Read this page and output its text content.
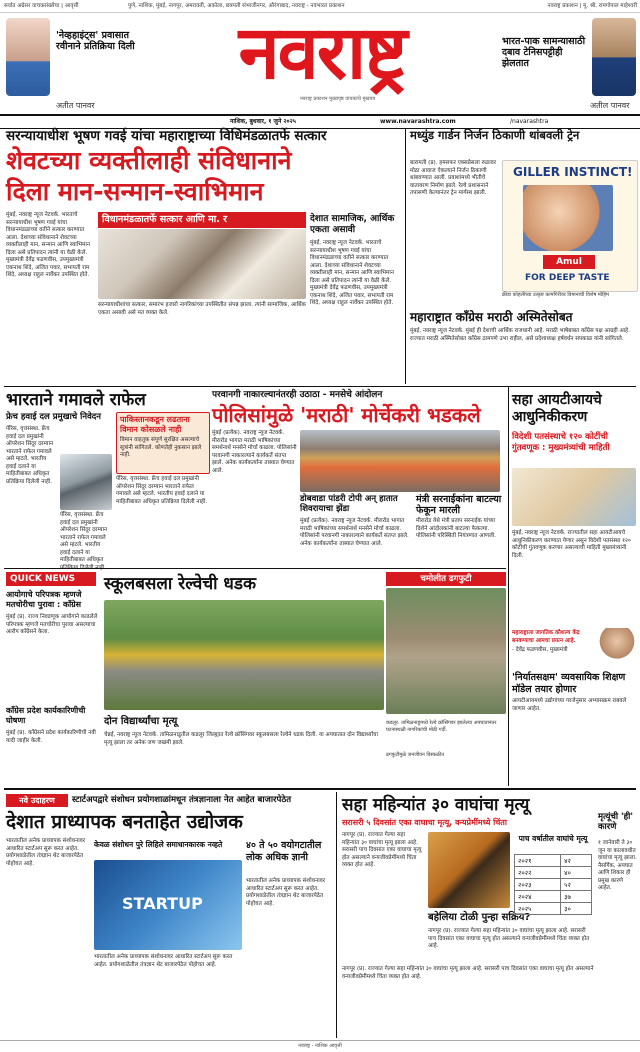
सर्वात अग्रेसर वाचकसंख्येचा | आवृत्ती	पुणे, नाशिक, मुंबई, नागपूर, अमरावती, अकोला, छत्रपती संभाजीनगर, औरंगाबाद, नवराष्ट्र - नवभारत प्रकाशन	नवराष्ट्र प्रकाशन | मु. श्री. रामगोपाल माहेश्वरी
'नेव्हहाइंट्स' प्रवासात रवीनाने प्रतिक्रिया दिली
अतीत पानवर
नवराष्ट्र
नवराष्ट्र प्रकाशन मुख्यपृष्ठ वाचकांचे मुखपत्र
भारत-पाक सामन्यासाठी दबाव टेनिसपट्टीही झेलतात
अतील पानवर
नाशिक, बुधवार, १ जुने २०२५	www.navarashtra.com	/navarashtra
सरन्यायाधीश भूषण गवई यांचा महाराष्ट्राच्या विधिमंडळातर्फे सत्कार
शेवटच्या व्यक्तीलाही संविधानाने
दिला मान-सन्मान-स्वाभिमान

मुंबई, नवराष्ट्र न्यूज नेटवर्क. भारताचे सरन्यायाधीश भूषण गवई यांचा विधानमंडळाच्या वतीने सत्कार करण्यात आला. देशाच्या संविधानाने शेवटच्या व्यक्तीलाही मान, सन्मान आणि स्वाभिमान दिला असे प्रतिपादन त्यांनी या वेळी केले. मुख्यमंत्री देवेंद्र फडणवीस, उपमुख्यमंत्री एकनाथ शिंदे, अजित पवार, सभापती राम शिंदे, अध्यक्ष राहुल नार्वेकर उपस्थित होते.

विधानमंडळातर्फे सत्कार आणि मा. र

सरन्यायाधीशांचा सत्कार, समारंभ हजारो नागरिकांच्या उपस्थितीत संपन्न झाला. त्यांनी सामाजिक, आर्थिक एकता असावी असे मत व्यक्त केले.

देशात सामाजिक, आर्थिक एकता असावी

मुंबई, नवराष्ट्र न्यूज नेटवर्क. भारताचे सरन्यायाधीश भूषण गवई यांचा विधानमंडळाच्या वतीने सत्कार करण्यात आला. देशाच्या संविधानाने शेवटच्या व्यक्तीलाही मान, सन्मान आणि स्वाभिमान दिला असे प्रतिपादन त्यांनी या वेळी केले. मुख्यमंत्री देवेंद्र फडणवीस, उपमुख्यमंत्री एकनाथ शिंदे, अजित पवार, सभापती राम शिंदे, अध्यक्ष राहुल नार्वेकर उपस्थित होते.

मध्युंड गार्डन निर्जन ठिकाणी थांबवली ट्रेन

बारामती (प्र). हमसफर एक्सप्रेसला रुळावर मोठा आवाज ऐकल्याने निर्जन ठिकाणी थांबवण्यात आली. प्रवाशांमध्ये भीतीचे वातावरण निर्माण झाले. रेल्वे प्रशासनाने तपासणी केल्यानंतर ट्रेन मार्गस्थ झाली.

GILLER INSTINCT!
Amul
FOR DEEP TASTE
क्रीडा कोहलीच्या उत्कृष्ट कामगिरीवर विमानाची विशेष मोहिम
महाराष्ट्रात काँग्रेस मराठी अस्मितेसोबत

मुंबई, नवराष्ट्र न्यूज नेटवर्क. मुंबई ही देशाची आर्थिक राजधानी आहे. मराठी भाषेबाबत काँग्रेस पक्ष आग्रही आहे. राज्यात मराठी अस्मितेसोबत काँग्रेस ठामपणे उभा राहील, असे प्रदेशाध्यक्ष हर्षवर्धन सपकाळ यांनी सांगितले.

भारताने गमावले राफेल
फ्रेच हवाई दल प्रमुखाचे निवेदन

पॅरिस, वृत्तसंस्था. फ्रेंच हवाई दल प्रमुखांनी ऑपरेशन सिंदूर दरम्यान भारताने राफेल गमावले असे म्हटले. भारतीय हवाई दलाने या माहितीबाबत अधिकृत प्रतिक्रिया दिलेली नाही.

पॅरिस, वृत्तसंस्था. फ्रेंच हवाई दल प्रमुखांनी ऑपरेशन सिंदूर दरम्यान भारताने राफेल गमावले असे म्हटले. भारतीय हवाई दलाने या माहितीबाबत अधिकृत

पाकिस्तानकडून लढताना विमान कोसळले नाही

विमान वाहतूक संपूर्ण सुरक्षित असल्याचे सूत्रांनी सांगितले. कोणतेही नुकसान झाले नाही.

पॅरिस, वृत्तसंस्था. फ्रेंच हवाई दल प्रमुखांनी ऑपरेशन सिंदूर दरम्यान भारताने राफेल गमावले असे म्हटले. भारतीय हवाई दलाने या माहितीबाबत अधिकृत प्रतिक्रिया दिलेली नाही.

परवानगी नाकारल्यानंतरही उठाठा - मनसेचे आंदोलन
पोलिसांमुळे 'मराठी' मोर्चेकरी भडकले

मुंबई (प्रत्येक). नवराष्ट्र न्यूज नेटवर्क. मीरारोड भागात मराठी भाषिकांच्या समर्थनार्थ मनसेने मोर्चा काढला. पोलिसांनी परवानगी नाकारल्याने कार्यकर्ते संतप्त झाले. अनेक कार्यकर्त्यांना ताब्यात घेण्यात आले.

डोबवाडा पांडरी टोपी अन् हातात शिवरायाचा झेंडा

मुंबई (प्रत्येक). नवराष्ट्र न्यूज नेटवर्क. मीरारोड भागात मराठी भाषिकांच्या समर्थनार्थ मनसेने मोर्चा काढला. पोलिसांनी परवानगी नाकारल्याने कार्यकर्ते संतप्त झाले. अनेक कार्यकर्त्यांना ताब्यात घेण्यात आले.

मंत्री सरनाईकांना बाटल्या फेकून मारली

मीरारोड येथे मंत्री प्रताप सरनाईक यांच्या दिशेने आंदोलकांनी बाटल्या फेकल्या. पोलिसांनी परिस्थिती नियंत्रणात आणली.

QUICK NEWS
आयोगाचे परिपत्रक म्हणजे मतचोरीचा पुरावा : काँग्रेस

मुंबई (प्र). राज्य निवडणूक आयोगाने काढलेले परिपत्रक म्हणजे मतचोरीचा पुरावा असल्याचा आरोप काँग्रेसने केला.

काँग्रेस प्रदेश कार्यकारिणीची घोषणा

मुंबई (प्र). काँग्रेसने प्रदेश कार्यकारिणीची नवी यादी जाहीर केली.

स्कूलबसला रेल्वेची धडक
कडलूर. तामिळनाडूमध्ये रेल्वे क्रॉसिंगवर झालेल्या अपघातानंतर घटनास्थळी नागरिकांची मोठी गर्दी.
दोन विद्यार्थ्यांचा मृत्यू

चेन्नई, नवराष्ट्र न्यूज नेटवर्क. तामिळनाडूतील कडलूर जिल्ह्यात रेल्वे क्रॉसिंगवर स्कूलबसला रेल्वेने धडक दिली. या अपघातात दोन विद्यार्थ्यांचा मृत्यू झाला तर अनेक जण जखमी झाले.

चमोलीत ढगफुटी
ढगफुटीमुळे जनजीवन विस्कळीत
सहा आयटीआयचे आधुनिकीकरण
विदेशी पतसंस्थाचे १२० कोटींची गुंतवणूक : मुख्यमंत्र्यांची माहिती

मुंबई, नवराष्ट्र न्यूज नेटवर्क. राज्यातील सहा आयटीआयचे आधुनिकीकरण करण्यात येणार असून विदेशी पतसंस्था १२० कोटींची गुंतवणूक करणार असल्याची माहिती मुख्यमंत्र्यांनी दिली.

महाराष्ट्राला जागतिक कौशल्य केंद्र बनवण्याचा आमचा प्रयत्न आहे.

- देवेंद्र फडणवीस, मुख्यमंत्री

'निर्यातसक्षम' व्यवसायिक शिक्षण मॉडेल तयार होणार

आयटीआयमध्ये उद्योगांच्या गरजेनुसार अभ्यासक्रम राबवले जाणार आहेत.

नवे उदाहरण	स्टार्टअपद्वारे संशोधन प्रयोगशाळांमधून तंत्रज्ञानाला नेत आहेत बाजारपेठेत
देशात प्राध्यापक बनताहेत उद्योजक

भारतातील अनेक प्राध्यापक संशोधनावर आधारित स्टार्टअप सुरू करत आहेत. प्रयोगशाळेतील तंत्रज्ञान थेट बाजारपेठेत पोहोचत आहे.

केवळ संशोधन पुरे लिहिले समाधानकारक नव्हते
STARTUP

भारतातील अनेक प्राध्यापक संशोधनावर आधारित स्टार्टअप सुरू करत आहेत. प्रयोगशाळेतील तंत्रज्ञान थेट बाजारपेठेत पोहोचत आहे.

४० ते ५० वयोगटातील लोक अधिक ज्ञानी

भारतातील अनेक प्राध्यापक संशोधनावर आधारित स्टार्टअप सुरू करत आहेत. प्रयोगशाळेतील तंत्रज्ञान थेट बाजारपेठेत पोहोचत आहे.

सहा महिन्यांत ३० वाघांचा मृत्यू
सरासरी ५ दिवसांत एका वाघाचा मृत्यू, वन्यप्रेमींमध्ये चिंता

नागपूर (प्र). राज्यात गेल्या सहा महिन्यांत ३० वाघांचा मृत्यू झाला आहे. सरासरी पाच दिवसांत एका वाघाचा मृत्यू होत असल्याने वन्यजीवप्रेमींमध्ये चिंता व्यक्त होत आहे.

बहेलिया टोळी पुन्हा सक्रिय?

नागपूर (प्र). राज्यात गेल्या सहा महिन्यांत ३० वाघांचा मृत्यू झाला आहे. सरासरी पाच दिवसांत एका वाघाचा मृत्यू होत असल्याने वन्यजीवप्रेमींमध्ये चिंता व्यक्त होत आहे.

नागपूर (प्र). राज्यात गेल्या सहा महिन्यांत ३० वाघांचा मृत्यू झाला आहे. सरासरी पाच दिवसांत एका वाघाचा मृत्यू होत असल्याने वन्यजीवप्रेमींमध्ये चिंता व्यक्त होत आहे.

पाच वर्षातील वाघांचे मृत्यू
२०२१	४२
२०२२	४०
२०२३	५२
२०२४	३७
२०२५	३०
मृत्यूंची 'ही' कारणे

१ जानेवारी ते ३० जून या कालावधीत वाघांचा मृत्यू झाला. नैसर्गिक, अपघात आणि शिकार ही प्रमुख कारणे आहेत.

नवराष्ट्र - नाशिक आवृत्ती
